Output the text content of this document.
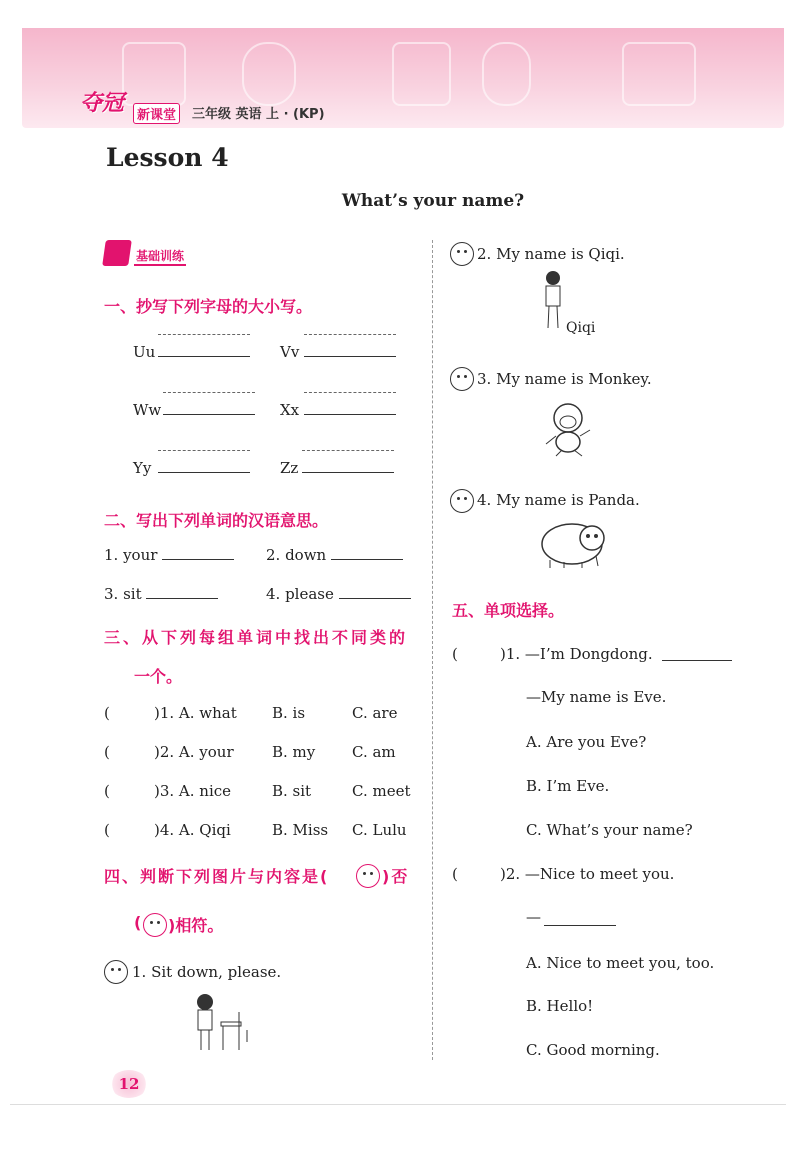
夺冠 新课堂	三年级 英语 上 · (KP)
Lesson 4
What’s your name?
基础训练
一、抄写下列字母的大小写。
Uu	Vv
Ww	Xx
Yy	Zz
二、写出下列单词的汉语意思。
1. your	2. down
3. sit	4. please
三、从下列每组单词中找出不同类的
一个。
(	)1. A. what B. is	C. are
(	)2. A. your	B. my C. am
(	)3. A. nice	B. sit	C. meet
(	)4. A. Qiqi	B. Miss C. Lulu
四、判断下列图片与内容是(	)否
( )相符。
1. Sit down, please.
2. My name is Qiqi.
Qiqi
3. My name is Monkey.
4. My name is Panda.
五、单项选择。
(	)1. —I’m Dongdong.
—My name is Eve.
A. Are you Eve?
B. I’m Eve.
C. What’s your name?
(	)2. —Nice to meet you.
—
A. Nice to meet you, too.
B. Hello!
C. Good morning.
12
